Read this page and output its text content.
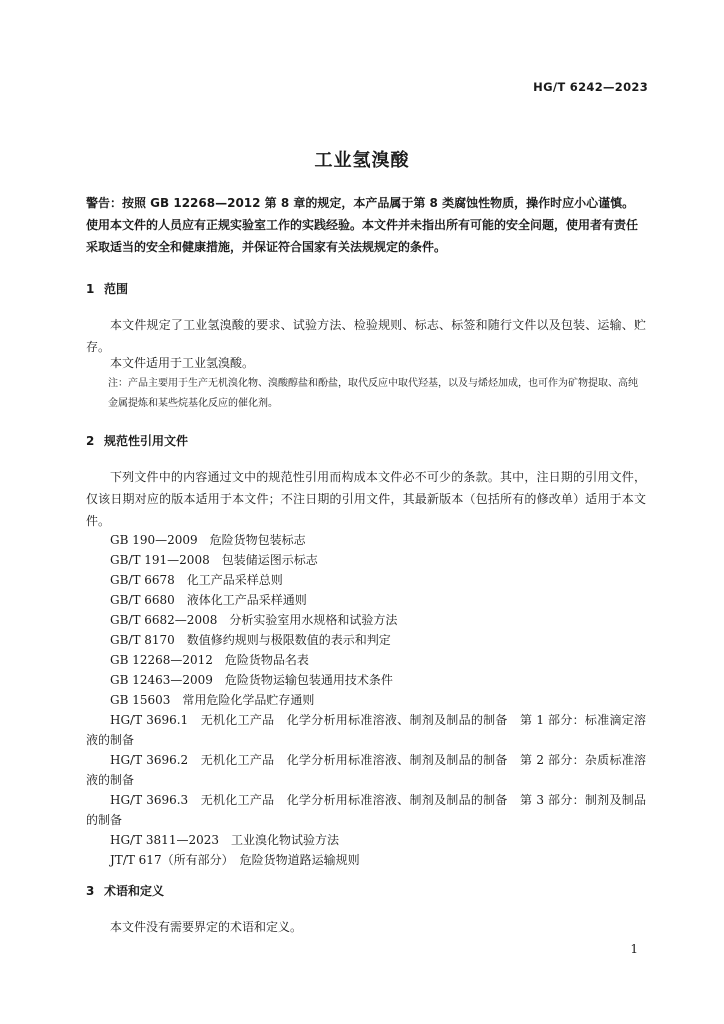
HG/T 6242—2023
工业氢溴酸
警告：按照 GB 12268—2012 第 8 章的规定，本产品属于第 8 类腐蚀性物质，操作时应小心谨慎。使用本文件的人员应有正规实验室工作的实践经验。本文件并未指出所有可能的安全问题，使用者有责任采取适当的安全和健康措施，并保证符合国家有关法规规定的条件。
1 范围
本文件规定了工业氢溴酸的要求、试验方法、检验规则、标志、标签和随行文件以及包装、运输、贮存。
本文件适用于工业氢溴酸。
注：产品主要用于生产无机溴化物、溴酸醇盐和酚盐，取代反应中取代羟基，以及与烯烃加成，也可作为矿物提取、高纯金属提炼和某些烷基化反应的催化剂。
2 规范性引用文件
下列文件中的内容通过文中的规范性引用而构成本文件必不可少的条款。其中，注日期的引用文件，仅该日期对应的版本适用于本文件；不注日期的引用文件，其最新版本（包括所有的修改单）适用于本文件。
GB 190—2009　危险货物包装标志
GB/T 191—2008　包装储运图示标志
GB/T 6678　化工产品采样总则
GB/T 6680　液体化工产品采样通则
GB/T 6682—2008　分析实验室用水规格和试验方法
GB/T 8170　数值修约规则与极限数值的表示和判定
GB 12268—2012　危险货物品名表
GB 12463—2009　危险货物运输包装通用技术条件
GB 15603　常用危险化学品贮存通则
HG/T 3696.1　无机化工产品　化学分析用标准溶液、制剂及制品的制备　第 1 部分：标准滴定溶液的制备
HG/T 3696.2　无机化工产品　化学分析用标准溶液、制剂及制品的制备　第 2 部分：杂质标准溶液的制备
HG/T 3696.3　无机化工产品　化学分析用标准溶液、制剂及制品的制备　第 3 部分：制剂及制品的制备
HG/T 3811—2023　工业溴化物试验方法
JT/T 617（所有部分）　危险货物道路运输规则
3 术语和定义
本文件没有需要界定的术语和定义。
1
